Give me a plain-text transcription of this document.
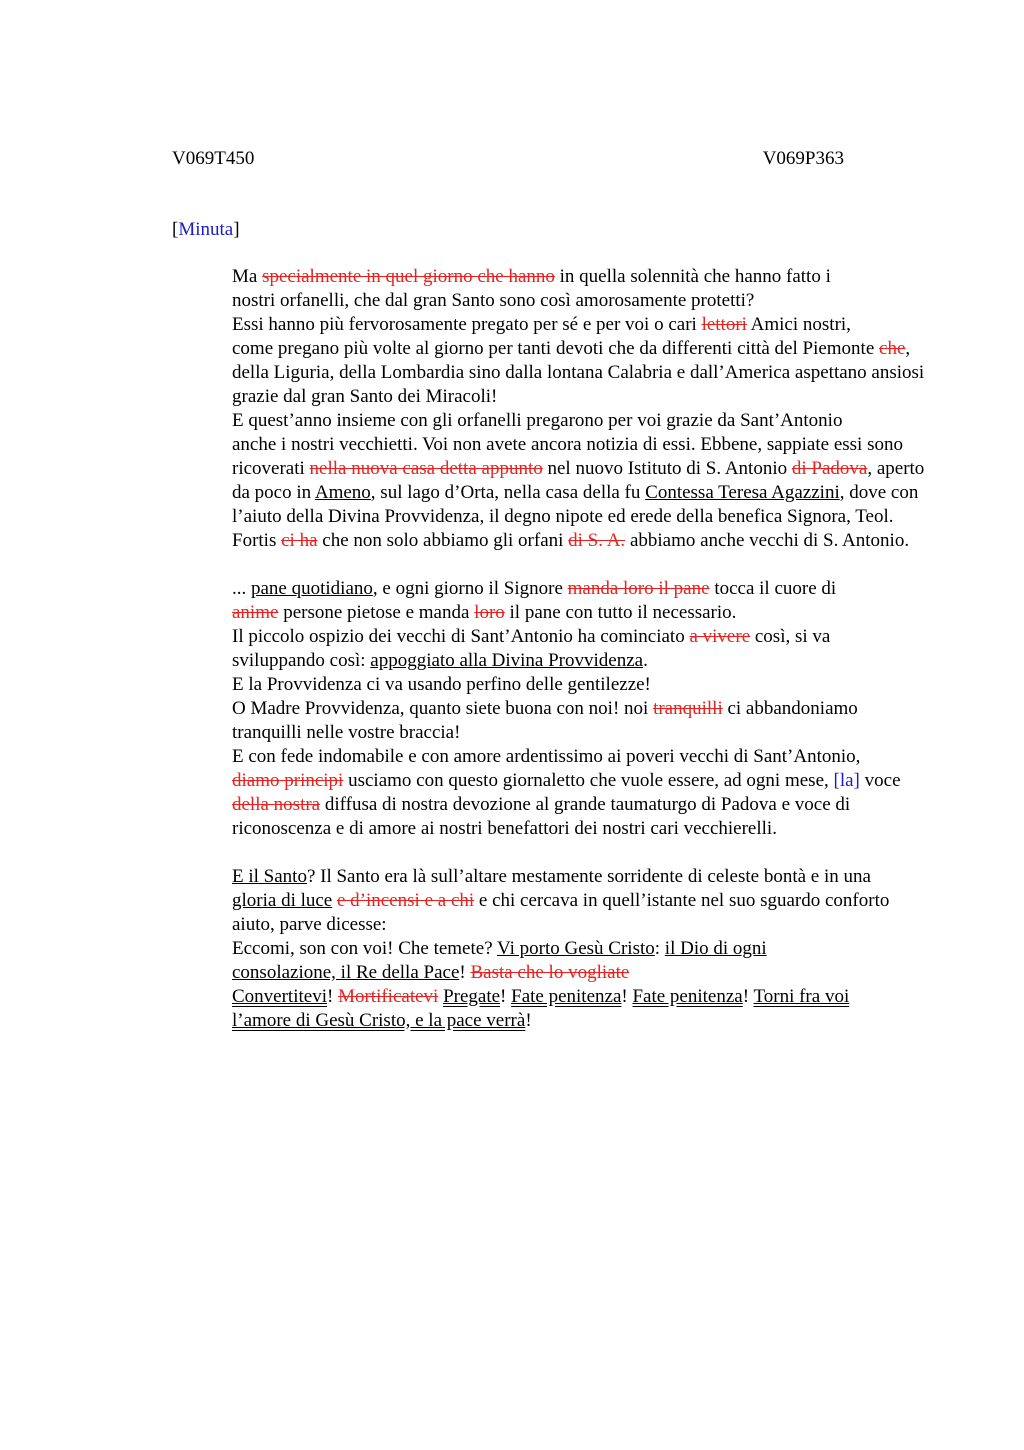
V069T450	V069P363
[Minuta]
Ma specialmente in quel giorno che hanno in quella solennità che hanno fatto i
nostri orfanelli, che dal gran Santo sono così amorosamente protetti?
Essi hanno più fervorosamente pregato per sé e per voi o cari lettori Amici nostri,
come pregano più volte al giorno per tanti devoti che da differenti città del Piemonte che,
della Liguria, della Lombardia sino dalla lontana Calabria e dall’America aspettano ansiosi
grazie dal gran Santo dei Miracoli!
E quest’anno insieme con gli orfanelli pregarono per voi grazie da Sant’Antonio
anche i nostri vecchietti. Voi non avete ancora notizia di essi. Ebbene, sappiate essi sono
ricoverati nella nuova casa detta appunto nel nuovo Istituto di S. Antonio di Padova, aperto
da poco in Ameno, sul lago d’Orta, nella casa della fu Contessa Teresa Agazzini, dove con
l’aiuto della Divina Provvidenza, il degno nipote ed erede della benefica Signora, Teol.
Fortis ci ha che non solo abbiamo gli orfani di S. A. abbiamo anche vecchi di S. Antonio.
... pane quotidiano, e ogni giorno il Signore manda loro il pane tocca il cuore di
anime persone pietose e manda loro il pane con tutto il necessario.
Il piccolo ospizio dei vecchi di Sant’Antonio ha cominciato a vivere così, si va
sviluppando così: appoggiato alla Divina Provvidenza.
E la Provvidenza ci va usando perfino delle gentilezze!
O Madre Provvidenza, quanto siete buona con noi! noi tranquilli ci abbandoniamo
tranquilli nelle vostre braccia!
E con fede indomabile e con amore ardentissimo ai poveri vecchi di Sant’Antonio,
diamo principi usciamo con questo giornaletto che vuole essere, ad ogni mese, [la] voce
della nostra diffusa di nostra devozione al grande taumaturgo di Padova e voce di
riconoscenza e di amore ai nostri benefattori dei nostri cari vecchierelli.
E il Santo? Il Santo era là sull’altare mestamente sorridente di celeste bontà e in una
gloria di luce e d’incensi e a chi e chi cercava in quell’istante nel suo sguardo conforto
aiuto, parve dicesse:
Eccomi, son con voi! Che temete? Vi porto Gesù Cristo: il Dio di ogni
consolazione, il Re della Pace! Basta che lo vogliate
Convertitevi! Mortificatevi Pregate! Fate penitenza! Fate penitenza! Torni fra voi
l’amore di Gesù Cristo, e la pace verrà!
